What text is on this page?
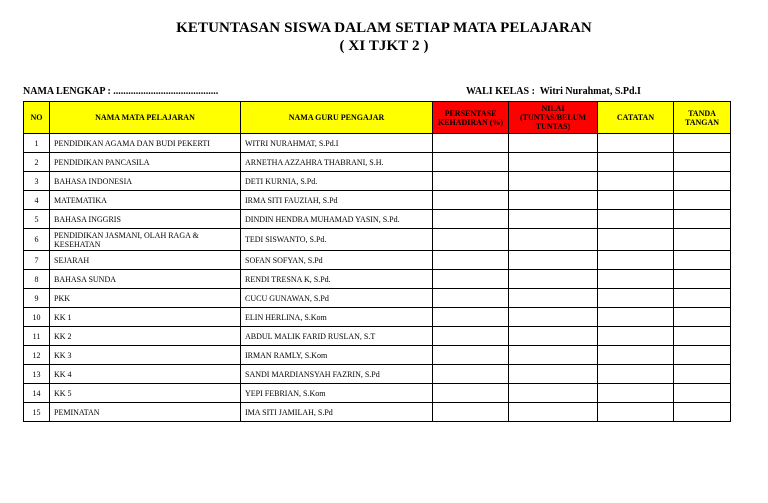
KETUNTASAN SISWA DALAM SETIAP MATA PELAJARAN
( XI TJKT 2 )
NAMA LENGKAP : ..........................................	WALI KELAS : Witri Nurahmat, S.Pd.I
NO	NAMA MATA PELAJARAN	NAMA GURU PENGAJAR	PERSENTASE KEHADIRAN (%)	NILAI (TUNTAS/BELUM TUNTAS)	CATATAN	TANDA TANGAN
1	PENDIDIKAN AGAMA DAN BUDI PEKERTI	WITRI NURAHMAT, S.Pd.I				
2	PENDIDIKAN PANCASILA	ARNETHA AZZAHRA THABRANI, S.H.				
3	BAHASA INDONESIA	DETI KURNIA, S.Pd.				
4	MATEMATIKA	IRMA SITI FAUZIAH, S.Pd				
5	BAHASA INGGRIS	DINDIN HENDRA MUHAMAD YASIN, S.Pd.				
6	PENDIDIKAN JASMANI, OLAH RAGA & KESEHATAN	TEDI SISWANTO, S.Pd.				
7	SEJARAH	SOFAN SOFYAN, S.Pd				
8	BAHASA SUNDA	RENDI TRESNA K, S.Pd.				
9	PKK	CUCU GUNAWAN, S.Pd				
10	KK 1	ELIN HERLINA, S.Kom				
11	KK 2	ABDUL MALIK FARID RUSLAN, S.T				
12	KK 3	IRMAN RAMLY, S.Kom				
13	KK 4	SANDI MARDIANSYAH FAZRIN, S.Pd				
14	KK 5	YEPI FEBRIAN, S.Kom				
15	PEMINATAN	IMA SITI JAMILAH, S.Pd				
